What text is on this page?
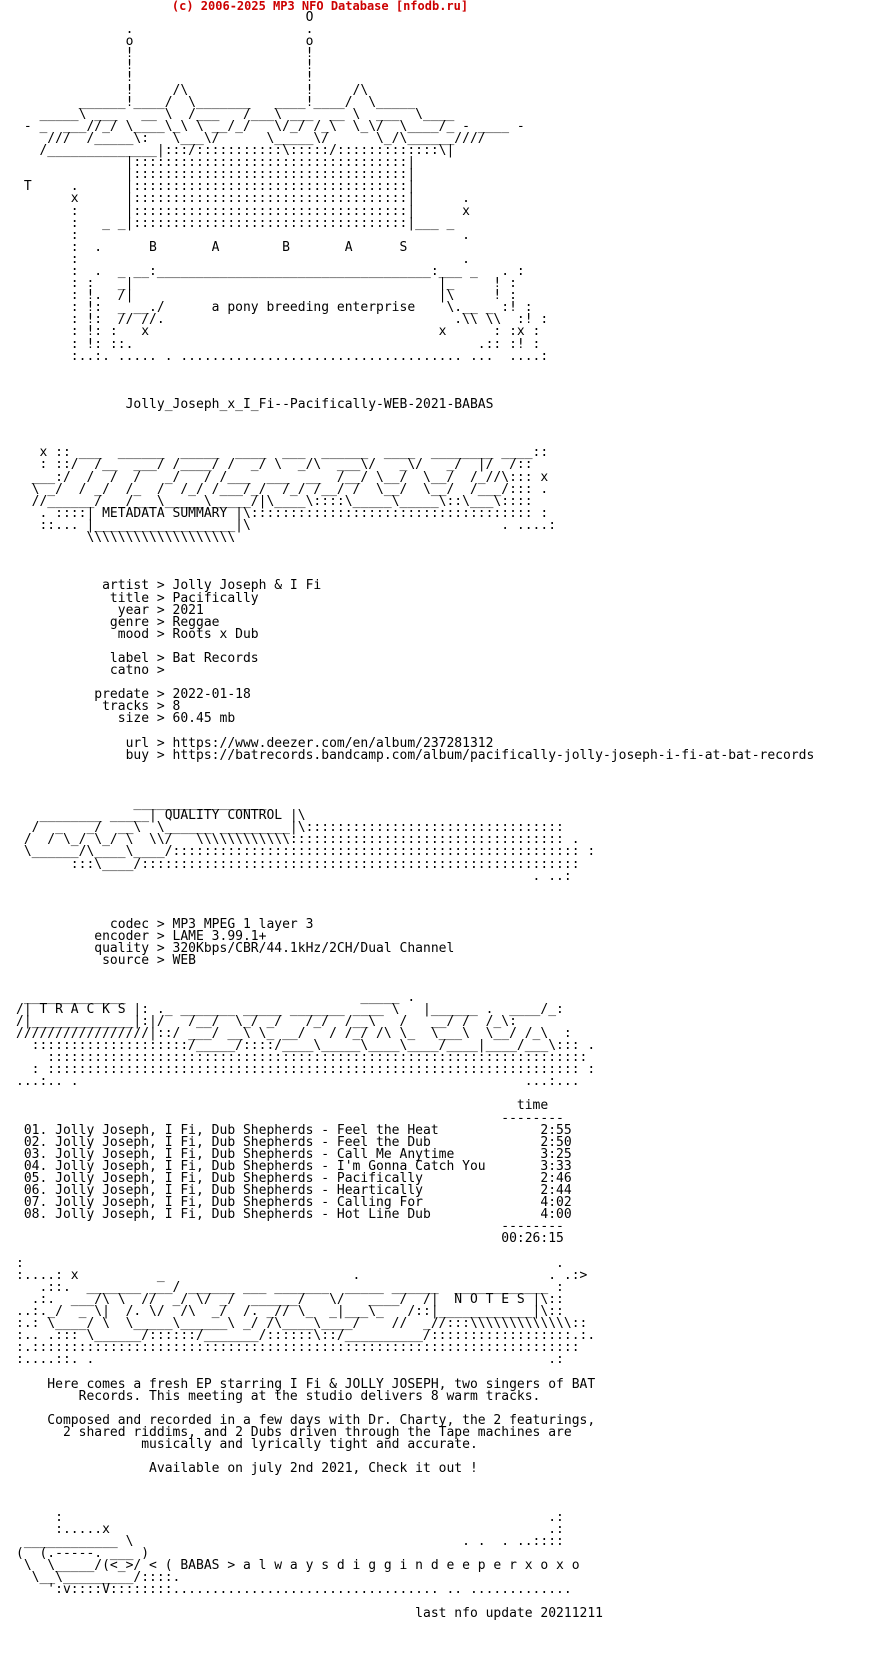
(c) 2006-2025 MP3 NFO Database [nfodb.ru]
O
.                      .
o                      o
!                      !
!                      !
!                      !
!     /\               !     /\
______!____/  \_______   ____!____/  \_____
_____\ ___   __ \  /___   /___\ ___  __ \  ___  \____
- _  ___//_/ \____\_\ \ __/_/   \/_/ /_\  \_\/  \____/_ - ____ -
///  /_____\:   \___\/      \_____\/      \_/\______////
/______________|:::/:::::::::::\:::::/:::::::::::::\|
|:::::::::::::::::::::::::::::::::::|
|:::::::::::::::::::::::::::::::::::|
T     .      |:::::::::::::::::::::::::::::::::::|
x      |:::::::::::::::::::::::::::::::::::|      .
:      |:::::::::::::::::::::::::::::::::::|      x
:   _ _|:::::::::::::::::::::::::::::::::::|___ _
:                                                 .
:  .      B       A        B       A      S
:                                                 .
:  .  _ __:___________________________________:___ _   . :
: :   _|                                       |_     ! :
: !.  /|                                       |\     ! :
: !:  _ __./      a pony breeding enterprise    \.__ _ :! :
: !:  // //.                                     .\\ \\  :! :
: !: :   x                                     x      : :x :
: !: ::.                                            .:: :! :
:..:. ..... . .................................... ...  ....:

Jolly_Joseph_x_I_Fi--Pacifically-WEB-2021-BABAS

x :: ___  ______  _____  ____  ___  ______  ____  ________ ____::
: ::/  /__  ___/ /____/ /  _/ \  _/\  ___\/   _\/   _/  |/  /::
___:/  /  /  /   _/   / /___  ___  __  /__/ \__/  \__/  /_//\::: x
\ _/  / _/  /_  /  /_/ /___/_/  /_/ /__/ /  \__/  \__/  /___/::: .
//______/   /___\_____\_____/|\____\::::\_____\_____\::\___\::::
. ::::| METADATA SUMMARY |\:::::::::::::::::::::::::::::::::::: :
::... |__________________|\                                . ....:
\\\\\\\\\\\\\\\\\\\

artist > Jolly Joseph & I Fi
title > Pacifically
year > 2021
genre > Reggae
mood > Roots x Dub

label > Bat Records
catno >

predate > 2022-01-18
tracks > 8
size > 60.45 mb

url > https://www.deezer.com/en/album/237281312
buy > https://batrecords.bandcamp.com/album/pacifically-jolly-joseph-i-fi-at-bat-records

_________________
________ _____| QUALITY CONTROL |\
/  _   _/  __\  \______ _________|\:::::::::::::::::::::::::::::::::
/  / \_/ \_/ \  \\/   \\\\\\\\\\\\::::::::::::::::::::::::::::::::::: .
\______/\____\____/:::::::::::::::::::::::::::::::::::::::::::::::::::: :
:::\____/::::::::::::::::::::::::::::::::::::::::::::::::::::::::
. ..:

codec > MP3 MPEG 1 layer 3
encoder > LAME 3.99.1+
quality > 320Kbps/CBR/44.1kHz/2CH/Dual Channel
source > WEB

_____________                              _____ .
/| T R A C K S |: ._ _______ _____ _______ ____ \   |______ .  ____/_:
/|_____________|:|/   /__/  \_/ _/   /_/  /__\   /   __/ /  /_\:
/////////////////|::/ ___/ __\ \_ __/   / /_/ /\ \_  \___\  \__/ /_\  :
::::::::::::::::::::/_____/::::/____\_____\____\____/____|____/___\::: .
:::::::::::::::::::::::::::::::::::::::::::::::::::::::::::::::::::::
: :::::::::::::::::::::::::::::::::::::::::::::::::::::::::::::::::::: :
...:.. .                                                         ...:...

time
--------
01. Jolly Joseph, I Fi, Dub Shepherds - Feel the Heat             2:55
02. Jolly Joseph, I Fi, Dub Shepherds - Feel the Dub              2:50
03. Jolly Joseph, I Fi, Dub Shepherds - Call Me Anytime           3:25
04. Jolly Joseph, I Fi, Dub Shepherds - I'm Gonna Catch You       3:33
05. Jolly Joseph, I Fi, Dub Shepherds - Pacifically               2:46
06. Jolly Joseph, I Fi, Dub Shepherds - Heartically               2:44
07. Jolly Joseph, I Fi, Dub Shepherds - Calling For               4:02
08. Jolly Joseph, I Fi, Dub Shepherds - Hot Line Dub              4:00
--------
00:26:15

:                                                                    .
:....: x          _                        .                        . .:>
.::.  _______ ___/ ______ ___ _______  _____ ______  ____________ :
.:.  ___/\ \  //  _/ \/ _/  ______/   \/   ____/  /|  N O T E S |\::
..:._/  _ \|  /. \/  /\  _/  /. _// \_  _|___\_   /::|____________|\::
:.: \____/ \  \_____\______\ _/ /\____\____/    //  _//:::\\\\\\\\\\\\\::
:.. .::: \______/::::::/_______/::::::\::/__________/::::::::::::::::::.:.
:.::::::::::::::::::::::::::::::::::::::::::::::::::::::::::::::::::::::
:....::. .                                                          .:

Here comes a fresh EP starring I Fi & JOLLY JOSEPH, two singers of BAT
Records. This meeting at the studio delivers 8 warm tracks.

Composed and recorded in a few days with Dr. Charty, the 2 featurings,
2 shared riddims, and 2 Dubs driven through the Tape machines are
musically and lyrically tight and accurate.

Available on july 2nd 2021, Check it out !

:                                                              .:
:.....x                                                        .:
____________ \                                          . .  . ..::::
(  (.-----. ___ )
\  \_____/(<_>/ < ( BABAS > a l w a y s d i g g i n d e e p e r x o x o
\__\_________/::::.
':v::::V::::::::.................................. .. .............

last nfo update 20211211
